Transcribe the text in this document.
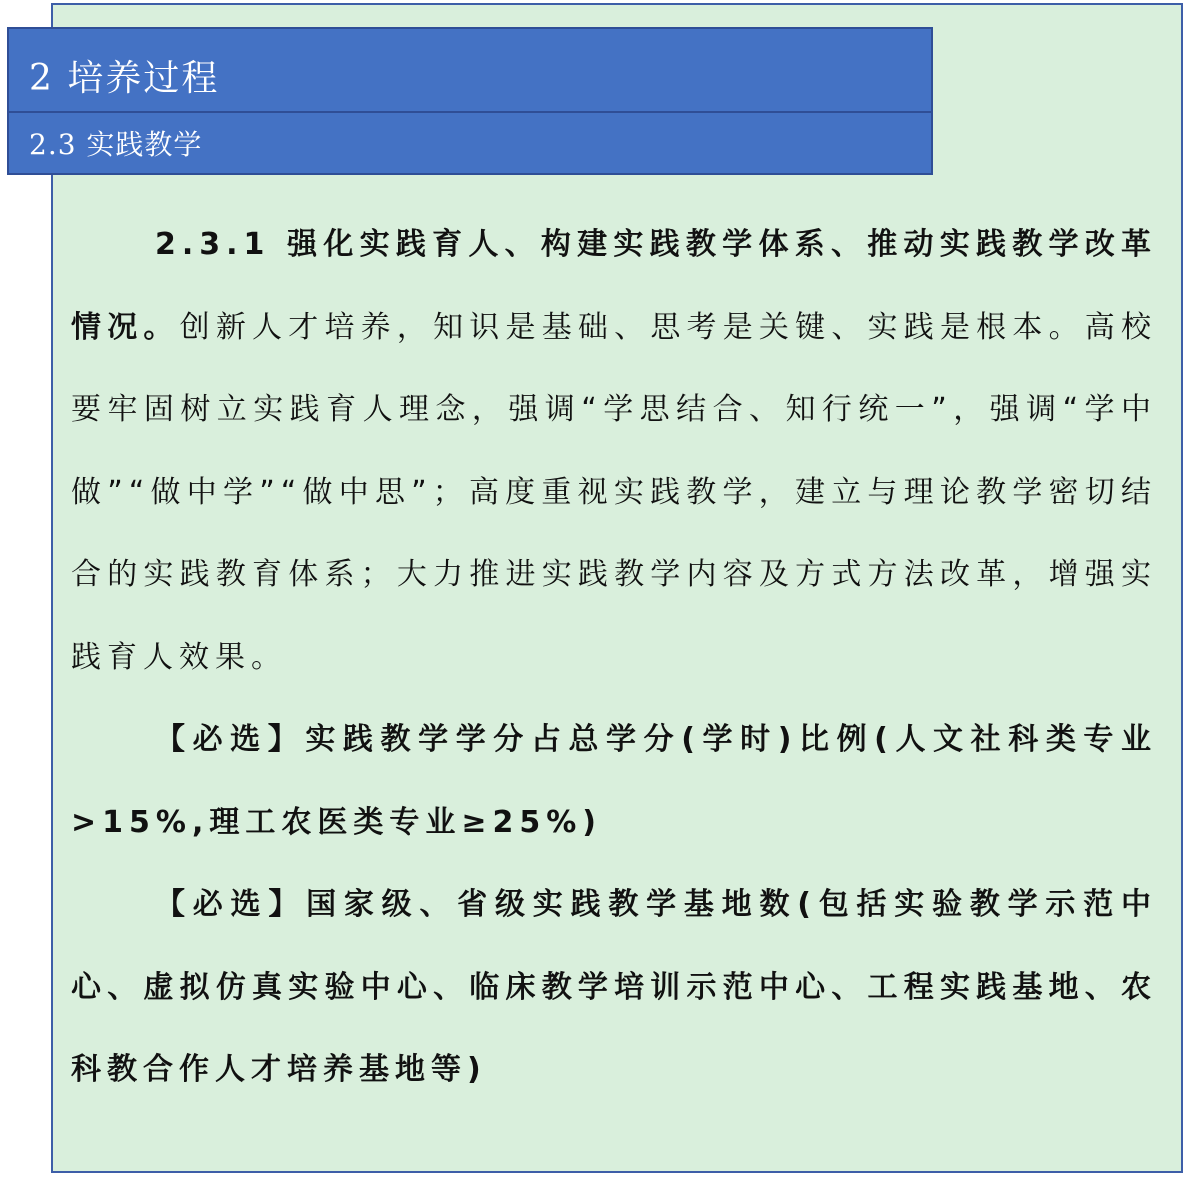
2 培养过程
2.3 实践教学

2.3.1 强化实践育人、构建实践教学体系、推动实践教学改革情况。创新人才培养，知识是基础、思考是关键、实践是根本。高校要牢固树立实践育人理念，强调“学思结合、知行统一”，强调“学中做”“做中学”“做中思”；高度重视实践教学，建立与理论教学密切结合的实践教育体系；大力推进实践教学内容及方式方法改革，增强实践育人效果。

【必选】实践教学学分占总学分(学时)比例(人文社科类专业>15%,理工农医类专业≥25%)

【必选】国家级、省级实践教学基地数(包括实验教学示范中心、虚拟仿真实验中心、临床教学培训示范中心、工程实践基地、农科教合作人才培养基地等)
